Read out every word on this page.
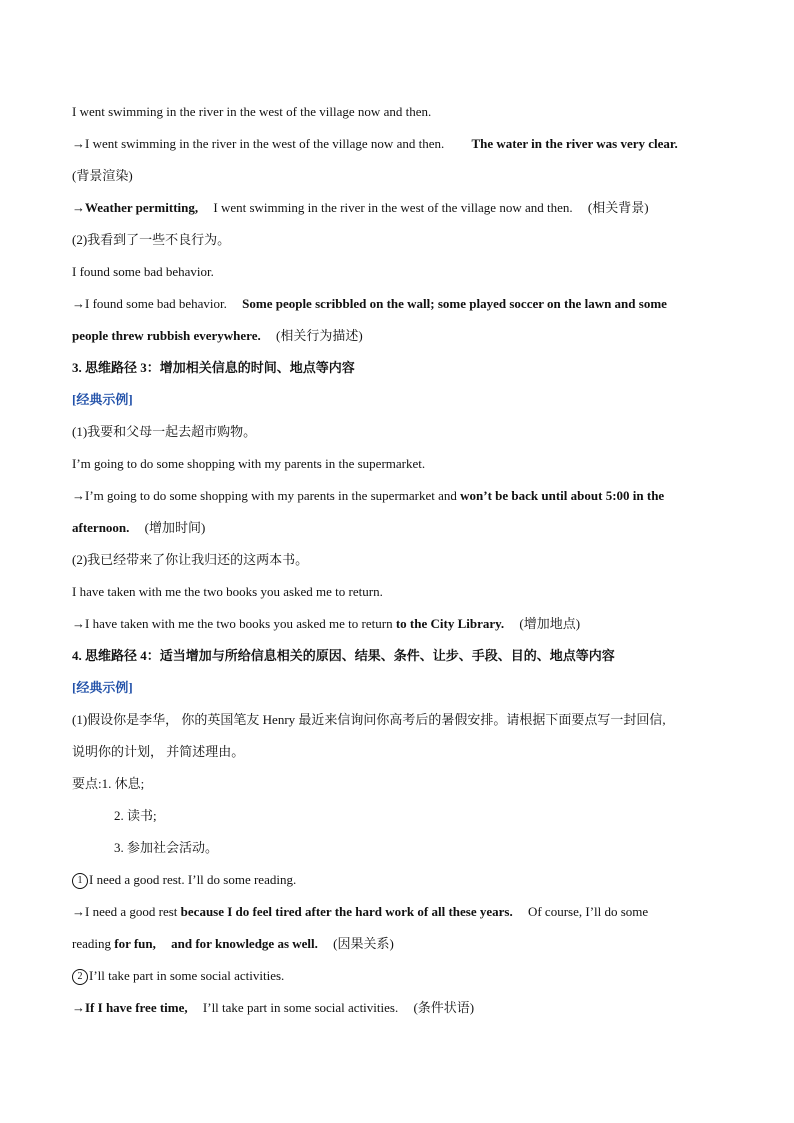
I went swimming in the river in the west of the village now and then.
→I went swimming in the river in the west of the village now and then. The water in the river was very clear.
(背景渲染)
→Weather permitting, I went swimming in the river in the west of the village now and then. (相关背景)
(2)我看到了一些不良行为。
I found some bad behavior.
→I found some bad behavior. Some people scribbled on the wall; some played soccer on the lawn and some
people threw rubbish everywhere. (相关行为描述)
3. 思维路径 3：增加相关信息的时间、地点等内容
[经典示例]
(1)我要和父母一起去超市购物。
I’m going to do some shopping with my parents in the supermarket.
→I’m going to do some shopping with my parents in the supermarket and won’t be back until about 5:00 in the
afternoon. (增加时间)
(2)我已经带来了你让我归还的这两本书。
I have taken with me the two books you asked me to return.
→I have taken with me the two books you asked me to return to the City Library. (增加地点)
4. 思维路径 4：适当增加与所给信息相关的原因、结果、条件、让步、手段、目的、地点等内容
[经典示例]
(1)假设你是李华， 你的英国笔友 Henry 最近来信询问你高考后的暑假安排。请根据下面要点写一封回信,
说明你的计划， 并简述理由。
要点:1. 休息;
2. 读书;
3. 参加社会活动。
1 I need a good rest. I’ll do some reading.
→I need a good rest because I do feel tired after the hard work of all these years. Of course, I’ll do some
reading for fun, and for knowledge as well. (因果关系)
2 I’ll take part in some social activities.
→If I have free time, I’ll take part in some social activities. (条件状语)
